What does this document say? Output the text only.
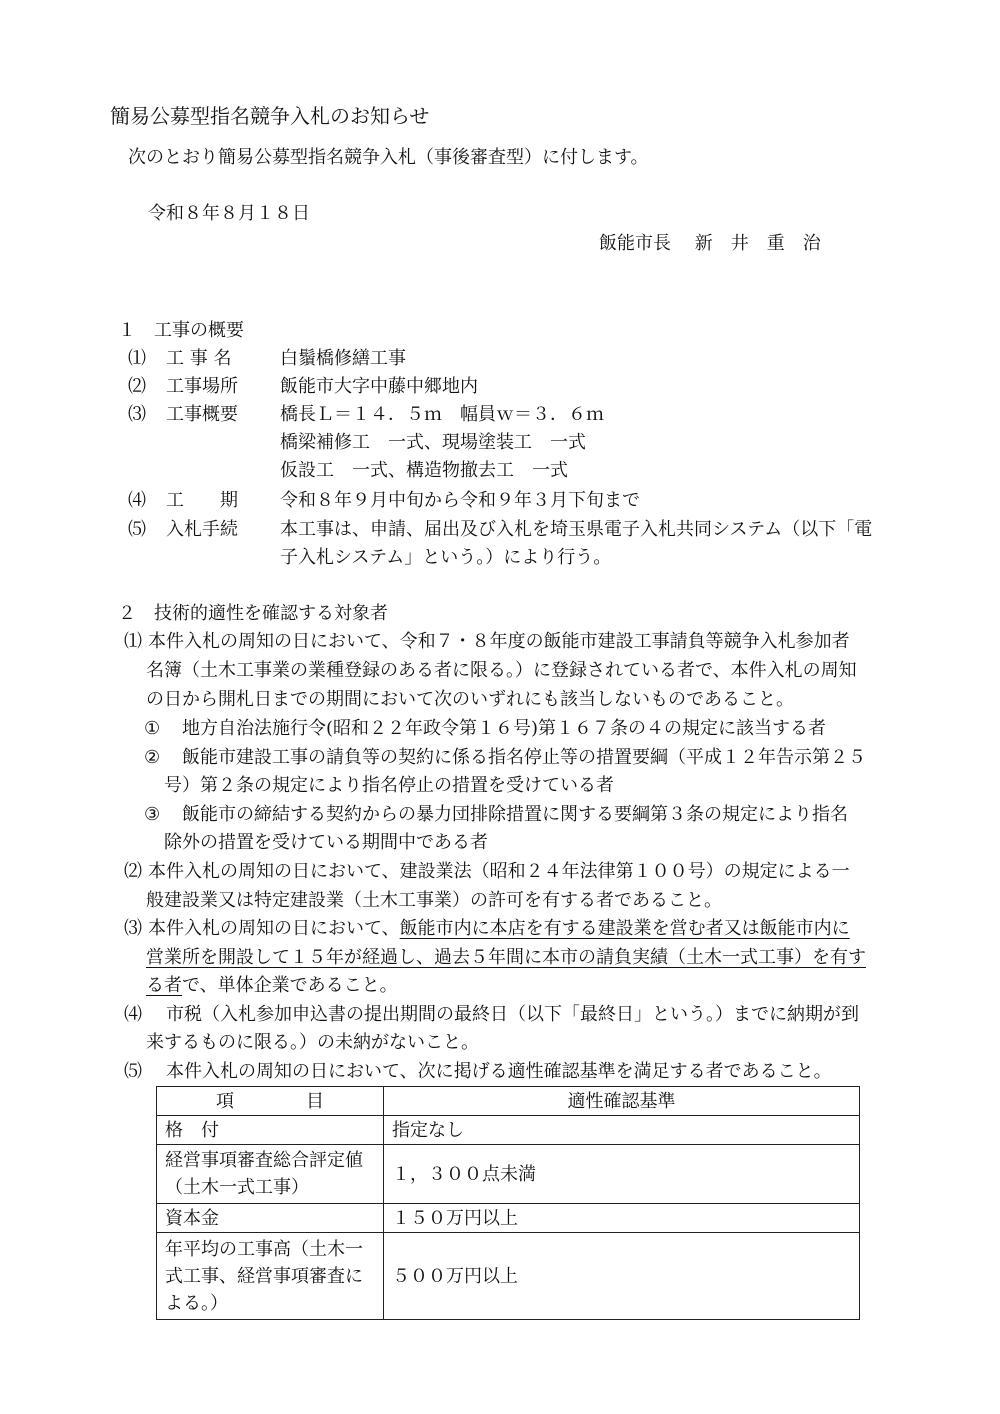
簡易公募型指名競争入札のお知らせ
次のとおり簡易公募型指名競争入札（事後審査型）に付します。
令和８年８月１８日
飯能市長　 新　井　重　治
１　工事の概要
⑴ 工 事 名	白鬚橋修繕工事
⑵ 工事場所 飯能市大字中藤中郷地内
⑶ 工事概要 橋長Ｌ＝１４．５ｍ　幅員ｗ＝３．６ｍ
橋梁補修工　一式、現場塗装工　一式
仮設工　一式、構造物撤去工　一式
⑷ 工　　期 令和８年９月中旬から令和９年３月下旬まで
⑸ 入札手続 本工事は、申請、届出及び入札を埼玉県電子入札共同システム（以下「電
子入札システム」という。）により行う。
２　技術的適性を確認する対象者
⑴ 本件入札の周知の日において、令和７・８年度の飯能市建設工事請負等競争入札参加者
名簿（土木工事業の業種登録のある者に限る。）に登録されている者で、本件入札の周知
の日から開札日までの期間において次のいずれにも該当しないものであること。
① 地方自治法施行令(昭和２２年政令第１６号)第１６７条の４の規定に該当する者
② 飯能市建設工事の請負等の契約に係る指名停止等の措置要綱（平成１２年告示第２５
号）第２条の規定により指名停止の措置を受けている者
③ 飯能市の締結する契約からの暴力団排除措置に関する要綱第３条の規定により指名
除外の措置を受けている期間中である者
⑵ 本件入札の周知の日において、建設業法（昭和２４年法律第１００号）の規定による一
般建設業又は特定建設業（土木工事業）の許可を有する者であること。
⑶ 本件入札の周知の日において、飯能市内に本店を有する建設業を営む者又は飯能市内に
営業所を開設して１５年が経過し、過去５年間に本市の請負実績（土木一式工事）を有す
る者で、単体企業であること。
⑷ 市税（入札参加申込書の提出期間の最終日（以下「最終日」という。）までに納期が到
来するものに限る。）の未納がないこと。
⑸ 本件入札の周知の日において、次に掲げる適性確認基準を満足する者であること。
項　　　　目	適性確認基準
格　付	指定なし

経営事項審査総合評定値
（土木一式工事）	１，３００点未満
資本金	１５０万円以上

年平均の工事高（土木一
式工事、経営事項審査に
よる。）	５００万円以上
